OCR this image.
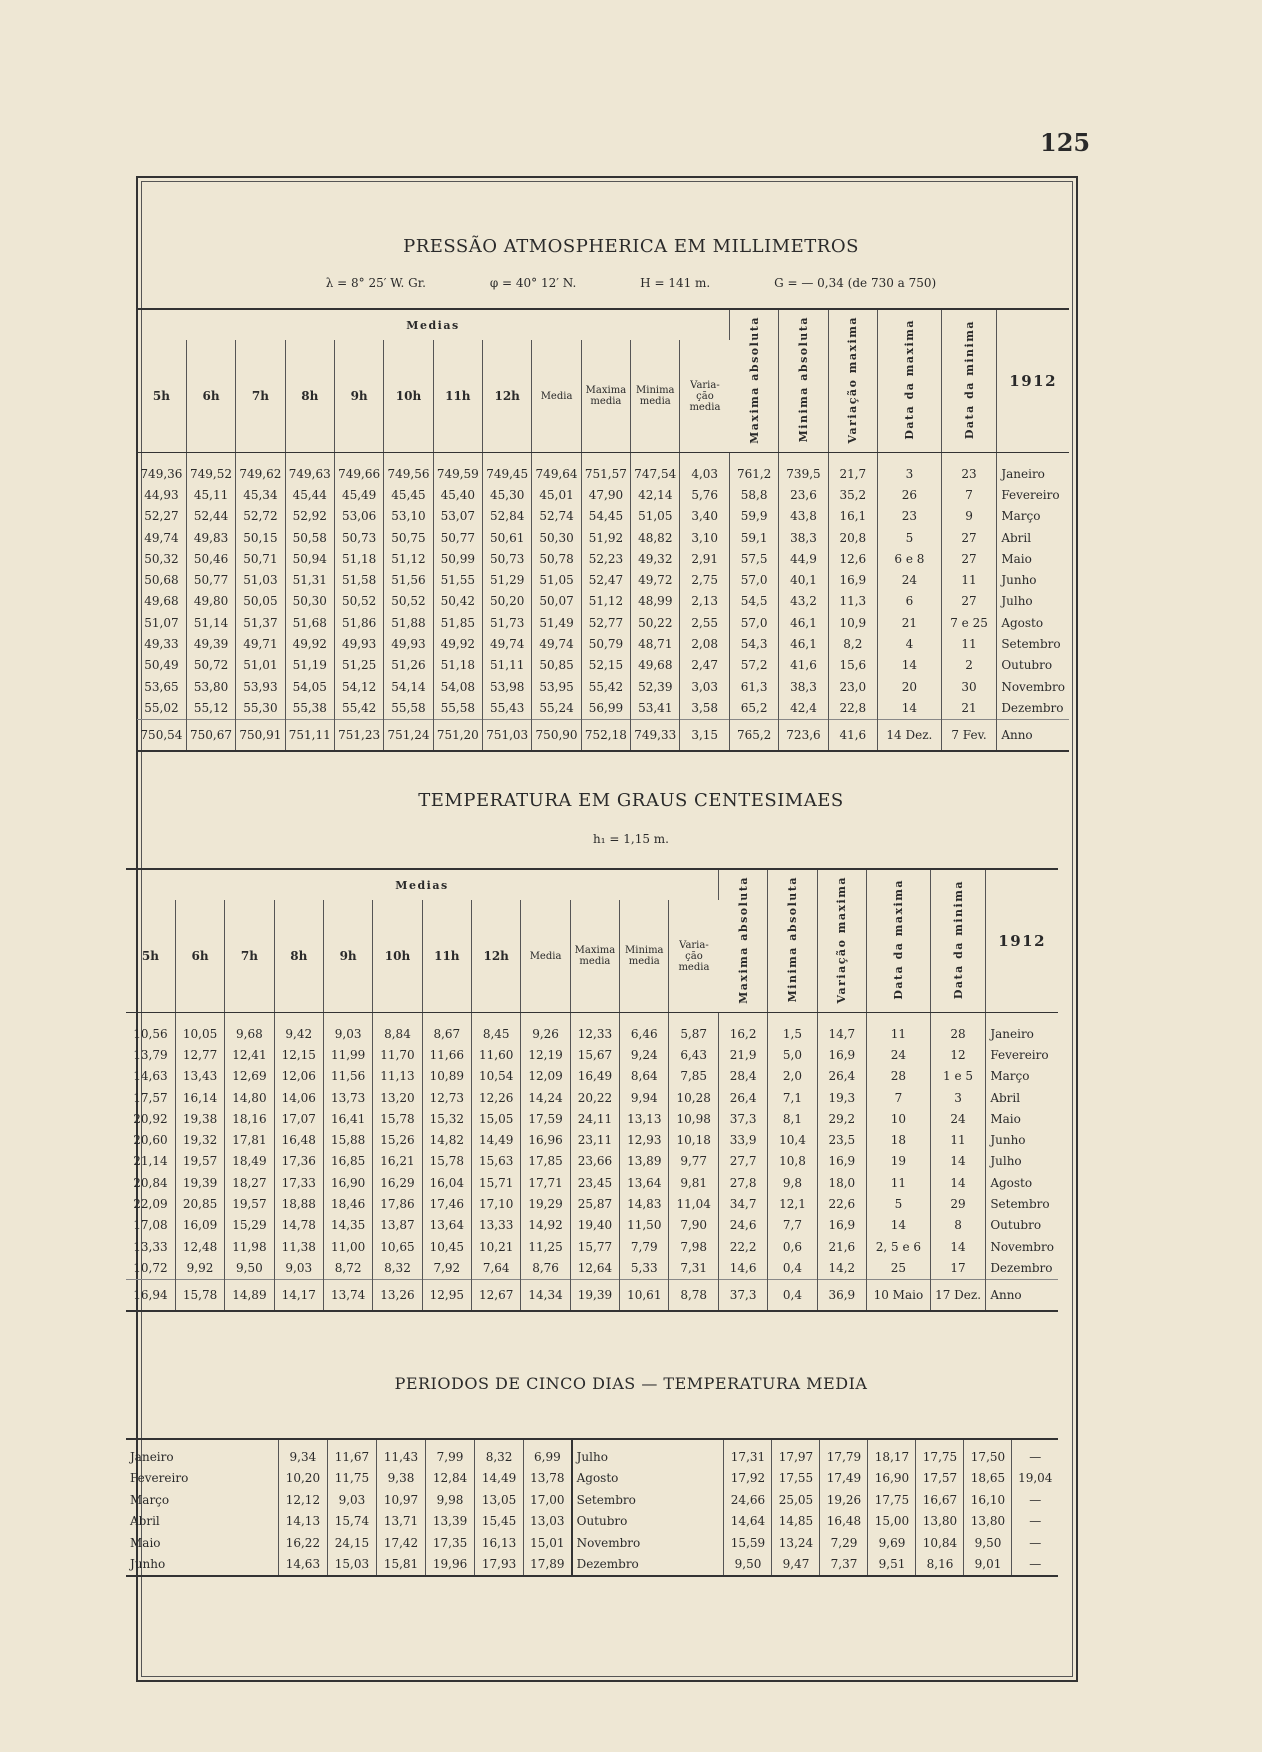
125
PRESSÃO ATMOSPHERICA EM MILLIMETROS
λ = 8° 25′ W. Gr.	φ = 40° 12′ N.	H = 141 m.	G = — 0,34 (de 730 a 750)
Medias												Maxima absoluta	Minima absoluta	Variação maxima	Data da maxima	Data da minima	1912
5h	6h	7h	8h	9h	10h	11h	12h	Media	Maxima media	Minima media	Varia-ção media						

749,36	749,52	749,62	749,63	749,66	749,56	749,59	749,45	749,64	751,57	747,54	4,03	761,2	739,5	21,7	3	23	Janeiro
44,93	45,11	45,34	45,44	45,49	45,45	45,40	45,30	45,01	47,90	42,14	5,76	58,8	23,6	35,2	26	7	Fevereiro
52,27	52,44	52,72	52,92	53,06	53,10	53,07	52,84	52,74	54,45	51,05	3,40	59,9	43,8	16,1	23	9	Março
49,74	49,83	50,15	50,58	50,73	50,75	50,77	50,61	50,30	51,92	48,82	3,10	59,1	38,3	20,8	5	27	Abril
50,32	50,46	50,71	50,94	51,18	51,12	50,99	50,73	50,78	52,23	49,32	2,91	57,5	44,9	12,6	6 e 8	27	Maio
50,68	50,77	51,03	51,31	51,58	51,56	51,55	51,29	51,05	52,47	49,72	2,75	57,0	40,1	16,9	24	11	Junho
49,68	49,80	50,05	50,30	50,52	50,52	50,42	50,20	50,07	51,12	48,99	2,13	54,5	43,2	11,3	6	27	Julho
51,07	51,14	51,37	51,68	51,86	51,88	51,85	51,73	51,49	52,77	50,22	2,55	57,0	46,1	10,9	21	7 e 25	Agosto
49,33	49,39	49,71	49,92	49,93	49,93	49,92	49,74	49,74	50,79	48,71	2,08	54,3	46,1	8,2	4	11	Setembro
50,49	50,72	51,01	51,19	51,25	51,26	51,18	51,11	50,85	52,15	49,68	2,47	57,2	41,6	15,6	14	2	Outubro
53,65	53,80	53,93	54,05	54,12	54,14	54,08	53,98	53,95	55,42	52,39	3,03	61,3	38,3	23,0	20	30	Novembro
55,02	55,12	55,30	55,38	55,42	55,58	55,58	55,43	55,24	56,99	53,41	3,58	65,2	42,4	22,8	14	21	Dezembro
750,54	750,67	750,91	751,11	751,23	751,24	751,20	751,03	750,90	752,18	749,33	3,15	765,2	723,6	41,6	14 Dez.	7 Fev.	Anno

TEMPERATURA EM GRAUS CENTESIMAES
h₁ = 1,15 m.
Medias												Maxima absoluta	Minima absoluta	Variação maxima	Data da maxima	Data da minima	1912
5h	6h	7h	8h	9h	10h	11h	12h	Media	Maxima media	Minima media	Varia-ção media						

10,56	10,05	9,68	9,42	9,03	8,84	8,67	8,45	9,26	12,33	6,46	5,87	16,2	1,5	14,7	11	28	Janeiro
13,79	12,77	12,41	12,15	11,99	11,70	11,66	11,60	12,19	15,67	9,24	6,43	21,9	5,0	16,9	24	12	Fevereiro
14,63	13,43	12,69	12,06	11,56	11,13	10,89	10,54	12,09	16,49	8,64	7,85	28,4	2,0	26,4	28	1 e 5	Março
17,57	16,14	14,80	14,06	13,73	13,20	12,73	12,26	14,24	20,22	9,94	10,28	26,4	7,1	19,3	7	3	Abril
20,92	19,38	18,16	17,07	16,41	15,78	15,32	15,05	17,59	24,11	13,13	10,98	37,3	8,1	29,2	10	24	Maio
20,60	19,32	17,81	16,48	15,88	15,26	14,82	14,49	16,96	23,11	12,93	10,18	33,9	10,4	23,5	18	11	Junho
21,14	19,57	18,49	17,36	16,85	16,21	15,78	15,63	17,85	23,66	13,89	9,77	27,7	10,8	16,9	19	14	Julho
20,84	19,39	18,27	17,33	16,90	16,29	16,04	15,71	17,71	23,45	13,64	9,81	27,8	9,8	18,0	11	14	Agosto
22,09	20,85	19,57	18,88	18,46	17,86	17,46	17,10	19,29	25,87	14,83	11,04	34,7	12,1	22,6	5	29	Setembro
17,08	16,09	15,29	14,78	14,35	13,87	13,64	13,33	14,92	19,40	11,50	7,90	24,6	7,7	16,9	14	8	Outubro
13,33	12,48	11,98	11,38	11,00	10,65	10,45	10,21	11,25	15,77	7,79	7,98	22,2	0,6	21,6	2, 5 e 6	14	Novembro
10,72	9,92	9,50	9,03	8,72	8,32	7,92	7,64	8,76	12,64	5,33	7,31	14,6	0,4	14,2	25	17	Dezembro
16,94	15,78	14,89	14,17	13,74	13,26	12,95	12,67	14,34	19,39	10,61	8,78	37,3	0,4	36,9	10 Maio	17 Dez.	Anno

PERIODOS DE CINCO DIAS — TEMPERATURA MEDIA
Janeiro	9,34	11,67	11,43	7,99	8,32	6,99	Julho	17,31	17,97	17,79	18,17	17,75	17,50	—
Fevereiro	10,20	11,75	9,38	12,84	14,49	13,78	Agosto	17,92	17,55	17,49	16,90	17,57	18,65	19,04
Março	12,12	9,03	10,97	9,98	13,05	17,00	Setembro	24,66	25,05	19,26	17,75	16,67	16,10	—
Abril	14,13	15,74	13,71	13,39	15,45	13,03	Outubro	14,64	14,85	16,48	15,00	13,80	13,80	—
Maio	16,22	24,15	17,42	17,35	16,13	15,01	Novembro	15,59	13,24	7,29	9,69	10,84	9,50	—
Junho	14,63	15,03	15,81	19,96	17,93	17,89	Dezembro	9,50	9,47	7,37	9,51	8,16	9,01	—
